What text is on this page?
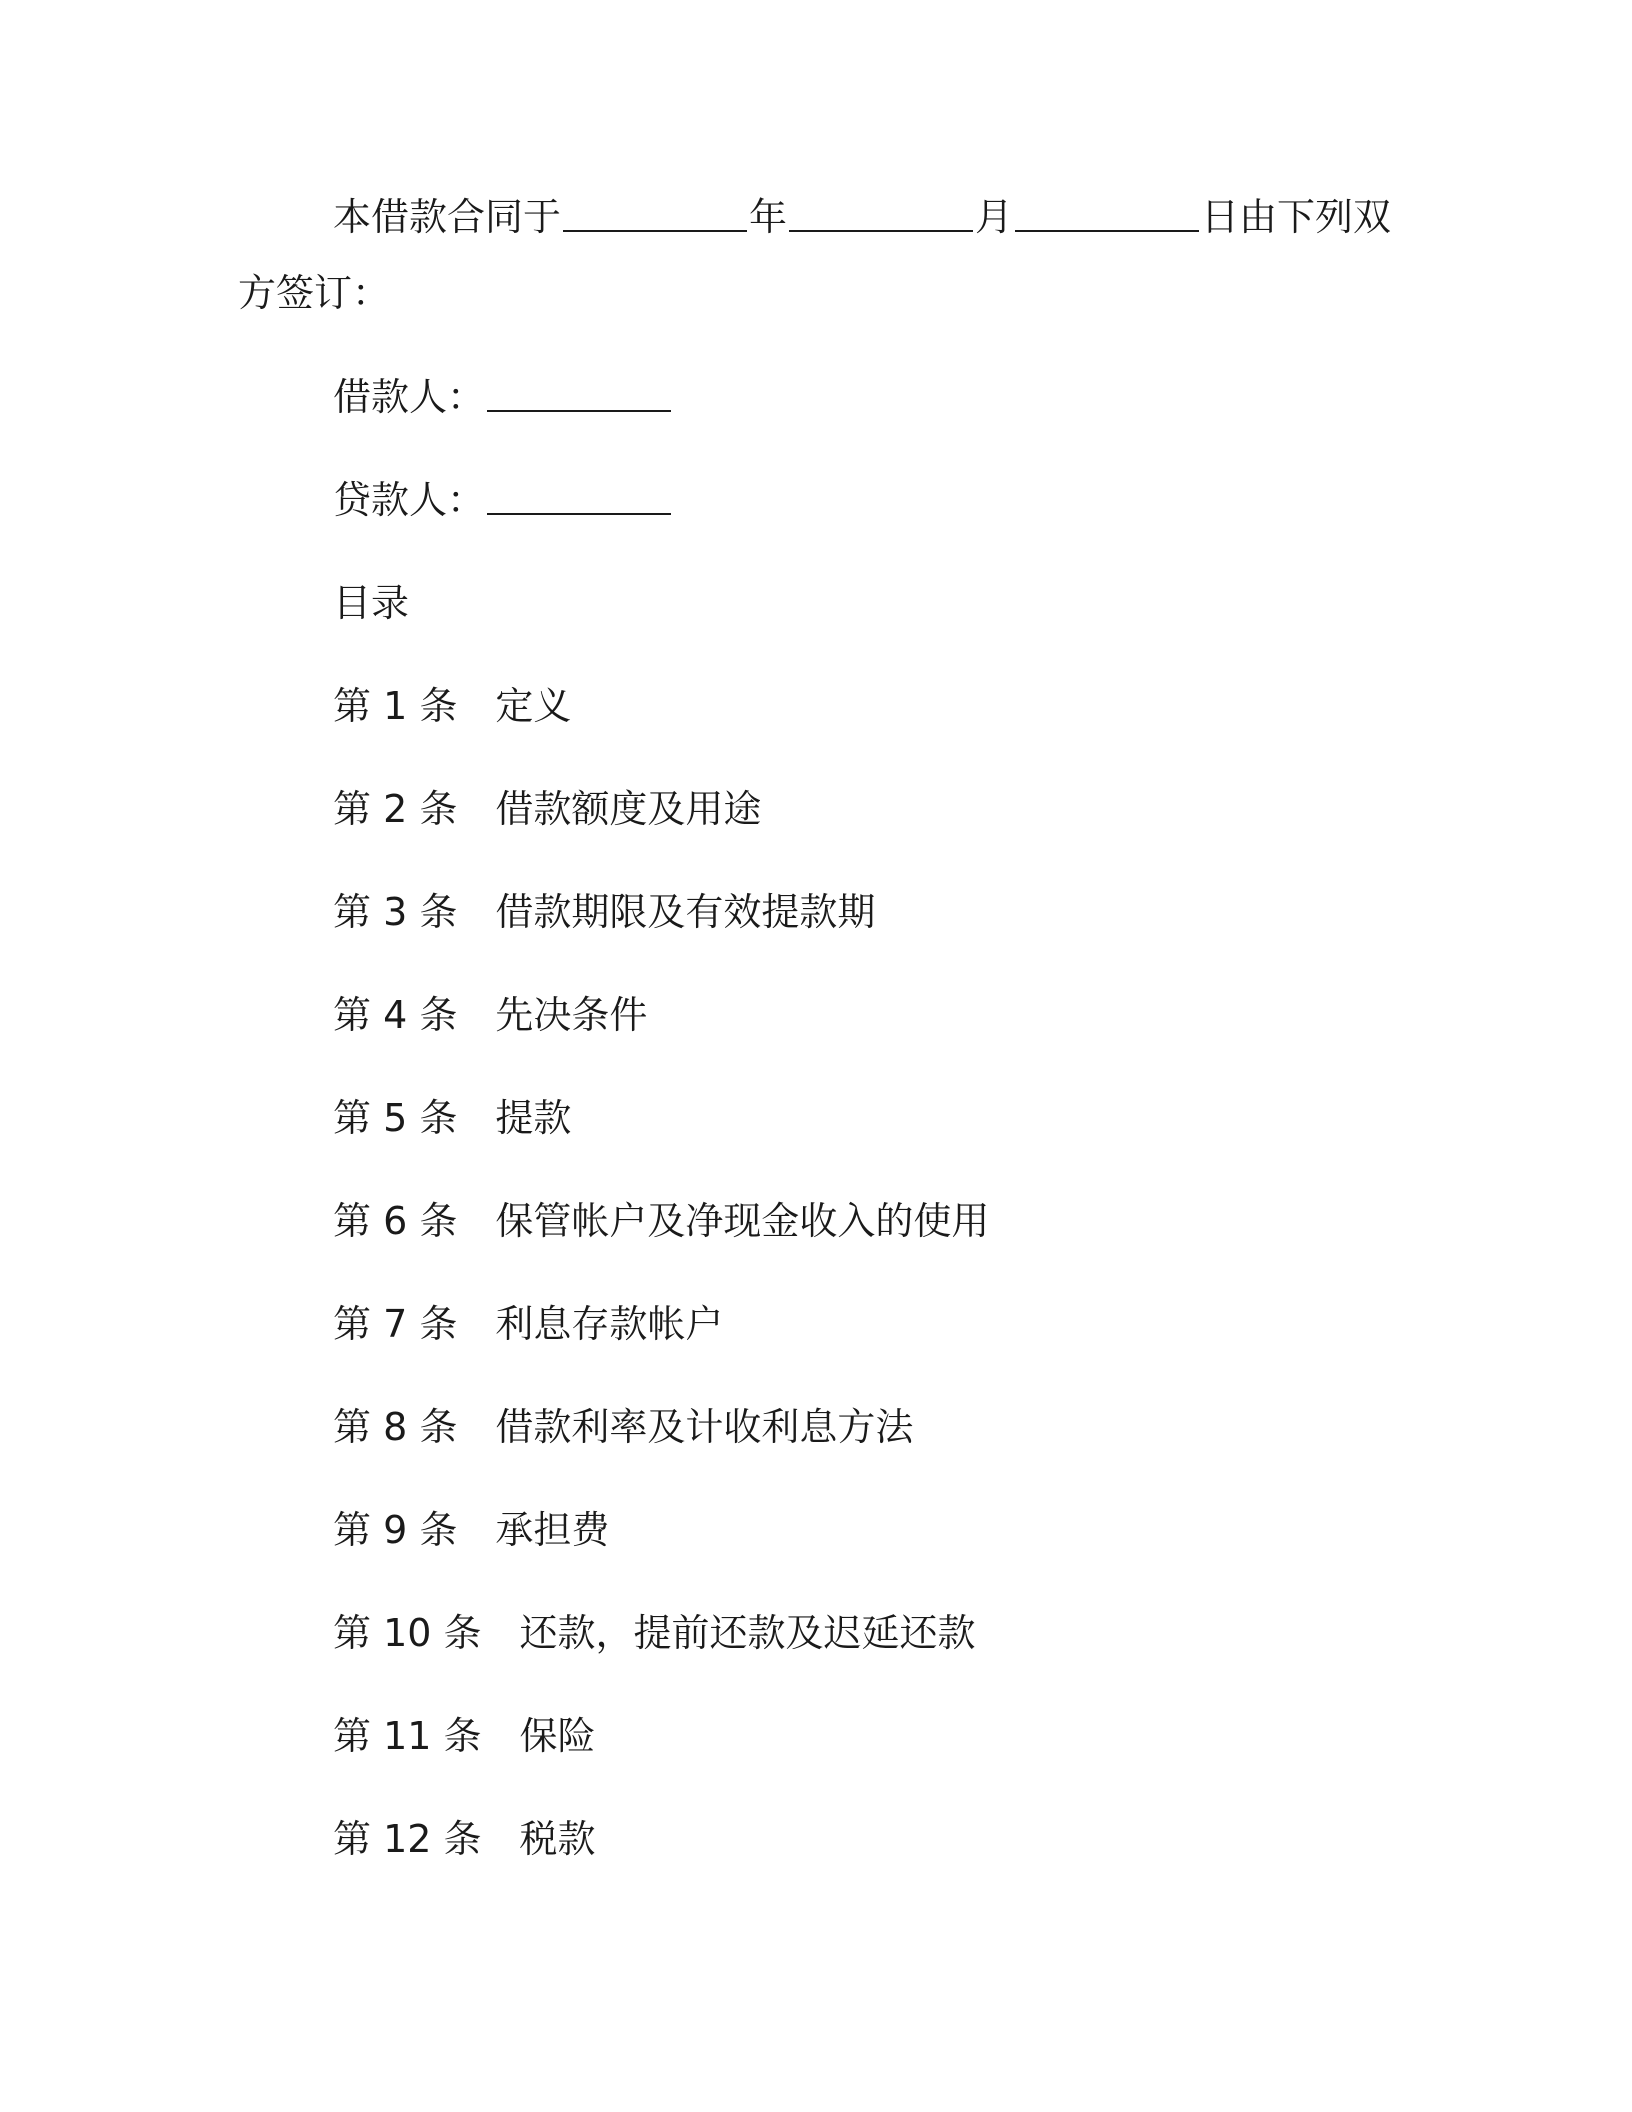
本借款合同于	年	月	日由下列双
方签订：
借款人：
贷款人：
目录
第 1 条 定义
第 2 条 借款额度及用途
第 3 条 借款期限及有效提款期
第 4 条 先决条件
第 5 条 提款
第 6 条 保管帐户及净现金收入的使用
第 7 条 利息存款帐户
第 8 条 借款利率及计收利息方法
第 9 条 承担费
第 10 条 还款，提前还款及迟延还款
第 11 条 保险
第 12 条 税款
